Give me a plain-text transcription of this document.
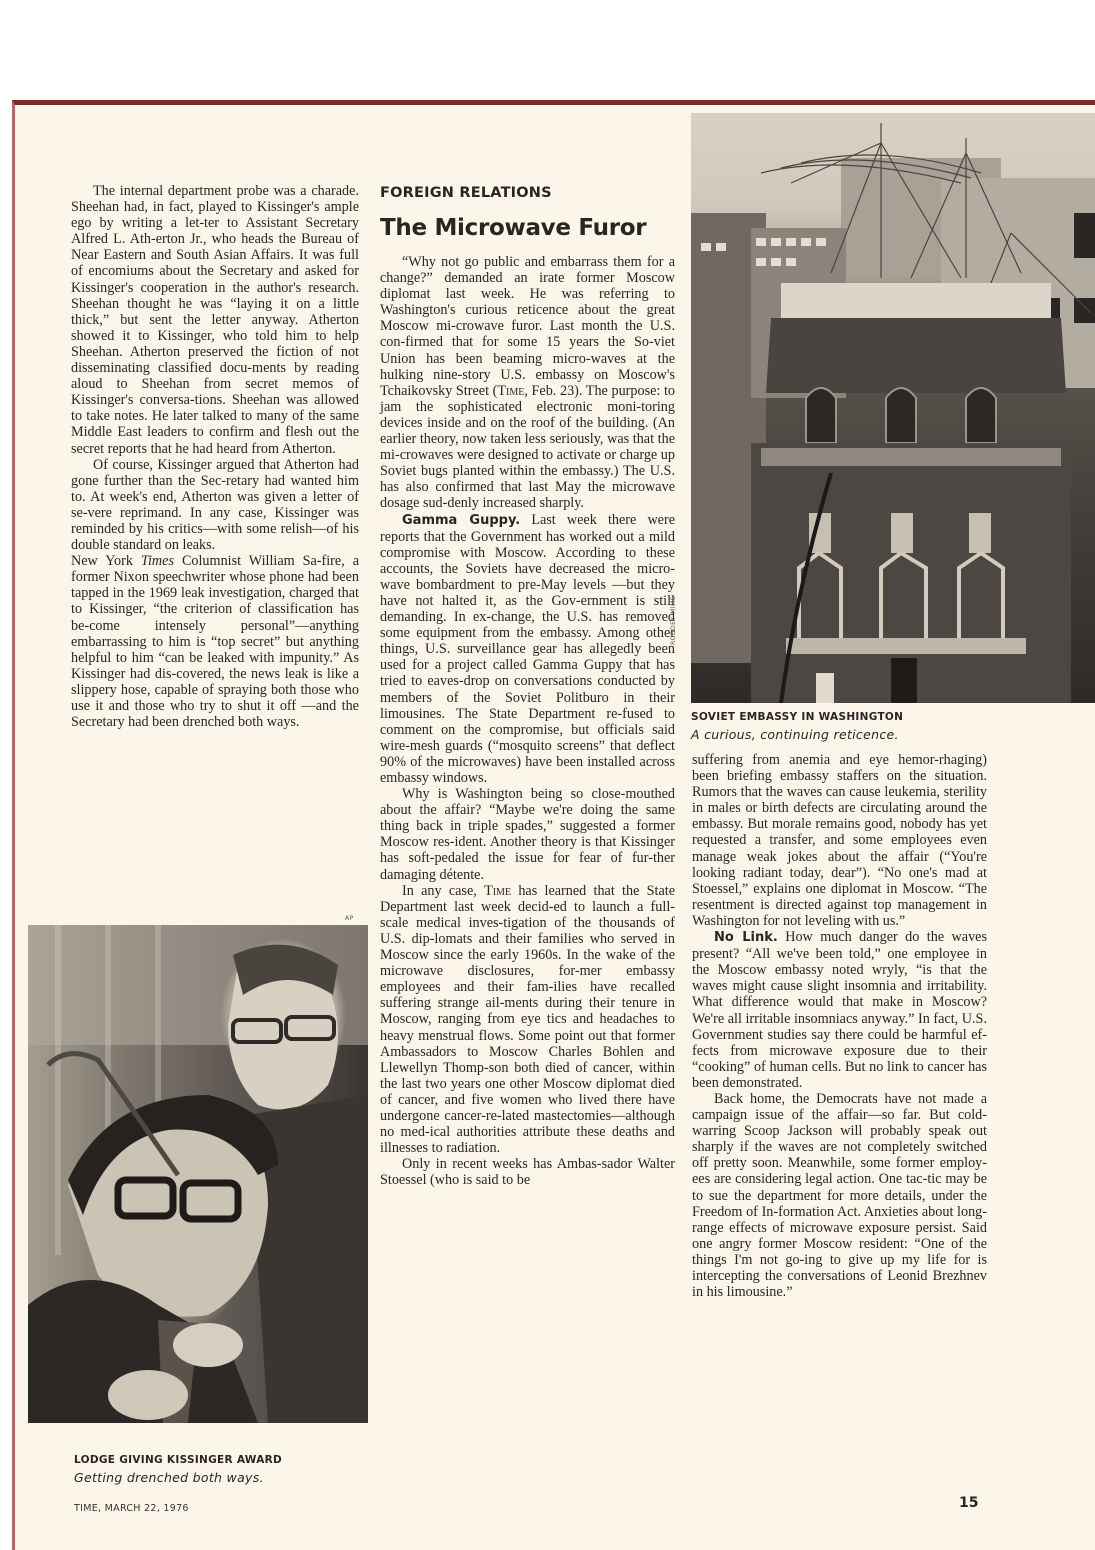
The internal department probe was a charade. Sheehan had, in fact, played to Kissinger's ample ego by writing a let-ter to Assistant Secretary Alfred L. Ath-erton Jr., who heads the Bureau of Near Eastern and South Asian Affairs. It was full of encomiums about the Secretary and asked for Kissinger's cooperation in the author's research. Sheehan thought he was “laying it on a little thick,” but sent the letter anyway. Atherton showed it to Kissinger, who told him to help Sheehan. Atherton preserved the fiction of not disseminating classified docu-ments by reading aloud to Sheehan from secret memos of Kissinger's conversa-tions. Sheehan was allowed to take notes. He later talked to many of the same Middle East leaders to confirm and flesh out the secret reports that he had heard from Atherton.

Of course, Kissinger argued that Atherton had gone further than the Sec-retary had wanted him to. At week's end, Atherton was given a letter of se-vere reprimand. In any case, Kissinger was reminded by his critics—with some relish—of his double standard on leaks.

New York Times Columnist William Sa-fire, a former Nixon speechwriter whose phone had been tapped in the 1969 leak investigation, charged that to Kissinger, “the criterion of classification has be-come intensely personal”—anything embarrassing to him is “top secret” but anything helpful to him “can be leaked with impunity.” As Kissinger had dis-covered, the news leak is like a slippery hose, capable of spraying both those who use it and those who try to shut it off —and the Secretary had been drenched both ways.

AP
LODGE GIVING KISSINGER AWARD
Getting drenched both ways.
FOREIGN RELATIONS
The Microwave Furor

“Why not go public and embarrass them for a change?” demanded an irate former Moscow diplomat last week. He was referring to Washington's curious reticence about the great Moscow mi-crowave furor. Last month the U.S. con-firmed that for some 15 years the So-viet Union has been beaming micro-waves at the hulking nine-story U.S. embassy on Moscow's Tchaikovsky Street (Time, Feb. 23). The purpose: to jam the sophisticated electronic moni-toring devices inside and on the roof of the building. (An earlier theory, now taken less seriously, was that the mi-crowaves were designed to activate or charge up Soviet bugs planted within the embassy.) The U.S. has also confirmed that last May the microwave dosage sud-denly increased sharply.

Gamma Guppy. Last week there were reports that the Government has worked out a mild compromise with Moscow. According to these accounts, the Soviets have decreased the micro-wave bombardment to pre-May levels —but they have not halted it, as the Gov-ernment is still demanding. In ex-change, the U.S. has removed some equipment from the embassy. Among other things, U.S. surveillance gear has allegedly been used for a project called Gamma Guppy that has tried to eaves-drop on conversations conducted by members of the Soviet Politburo in their limousines. The State Department re-fused to comment on the compromise, but officials said wire-mesh guards (“mosquito screens” that deflect 90% of the microwaves) have been installed across embassy windows.

Why is Washington being so close-mouthed about the affair? “Maybe we're doing the same thing back in triple spades,” suggested a former Moscow res-ident. Another theory is that Kissinger has soft-pedaled the issue for fear of fur-ther damaging détente.

In any case, Time has learned that the State Department last week decid-ed to launch a full-scale medical inves-tigation of the thousands of U.S. dip-lomats and their families who served in Moscow since the early 1960s. In the wake of the microwave disclosures, for-mer embassy employees and their fam-ilies have recalled suffering strange ail-ments during their tenure in Moscow, ranging from eye tics and headaches to heavy menstrual flows. Some point out that former Ambassadors to Moscow Charles Bohlen and Llewellyn Thomp-son both died of cancer, within the last two years one other Moscow diplomat died of cancer, and five women who lived there have undergone cancer-re-lated mastectomies—although no med-ical authorities attribute these deaths and illnesses to radiation.

Only in recent weeks has Ambas-sador Walter Stoessel (who is said to be

RODDEY MIMS
SOVIET EMBASSY IN WASHINGTON
A curious, continuing reticence.

suffering from anemia and eye hemor-rhaging) been briefing embassy staffers on the situation. Rumors that the waves can cause leukemia, sterility in males or birth defects are circulating around the embassy. But morale remains good, nobody has yet requested a transfer, and some employees even manage weak jokes about the affair (“You're looking radiant today, dear”). “No one's mad at Stoessel,” explains one diplomat in Moscow. “The resentment is directed against top management in Washington for not leveling with us.”

No Link. How much danger do the waves present? “All we've been told,” one employee in the Moscow embassy noted wryly, “is that the waves might cause slight insomnia and irritability. What difference would that make in Moscow? We're all irritable insomniacs anyway.” In fact, U.S. Government studies say there could be harmful ef-fects from microwave exposure due to their “cooking” of human cells. But no link to cancer has been demonstrated.

Back home, the Democrats have not made a campaign issue of the affair—so far. But cold-warring Scoop Jackson will probably speak out sharply if the waves are not completely switched off pretty soon. Meanwhile, some former employ-ees are considering legal action. One tac-tic may be to sue the department for more details, under the Freedom of In-formation Act. Anxieties about long-range effects of microwave exposure persist. Said one angry former Moscow resident: “One of the things I'm not go-ing to give up my life for is intercepting the conversations of Leonid Brezhnev in his limousine.”

TIME, MARCH 22, 1976	15
